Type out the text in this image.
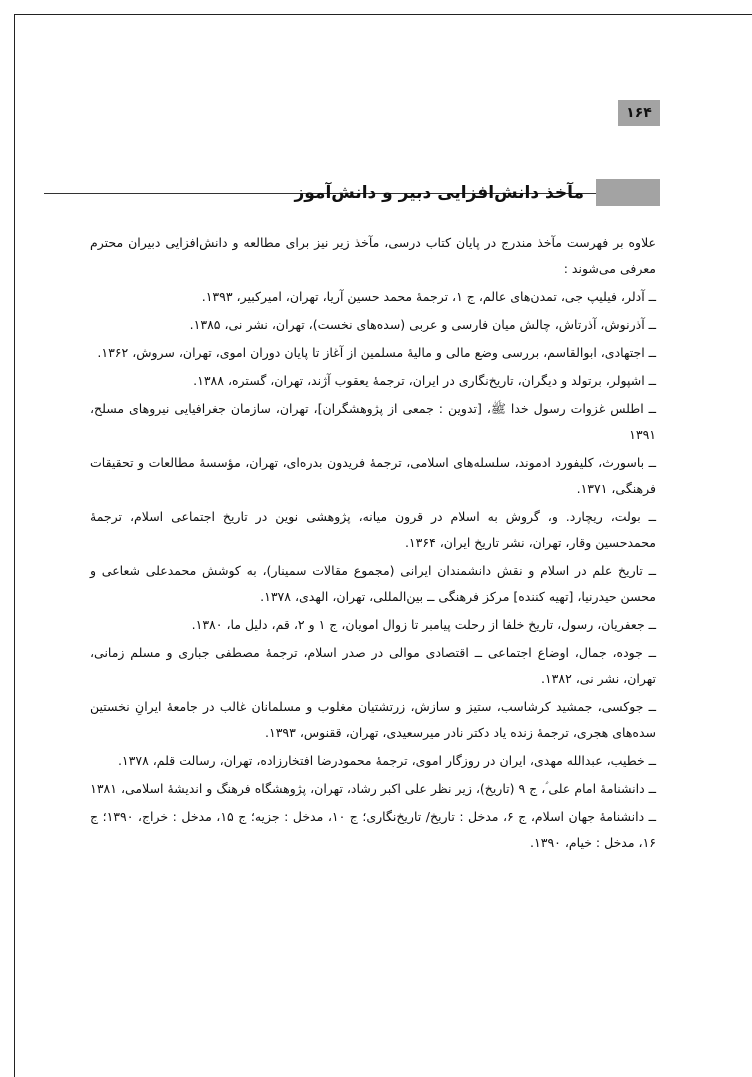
۱۶۴
مآخذ دانش‌افزایی دبیر و دانش‌آموز

علاوه بر فهرست مآخذ مندرج در پایان کتاب درسی، مآخذ زیر نیز برای مطالعه و دانش‌افزایی دبیران محترم معرفی می‌شوند :

ــ آدلر، فیلیپ جی، تمدن‌های عالم، ج ۱، ترجمهٔ محمد حسین آریا، تهران، امیرکبیر، ۱۳۹۳.

ــ آذرنوش، آذرتاش، چالش میان فارسی و عربی (سده‌های نخست)، تهران، نشر نی، ۱۳۸۵.

ــ اجتهادی، ابوالقاسم، بررسی وضع مالی و مالیهٔ مسلمین از آغاز تا پایان دوران اموی، تهران، سروش، ۱۳۶۲.

ــ اشپولر، برتولد و دیگران، تاریخ‌نگاری در ایران، ترجمهٔ یعقوب آژند، تهران، گستره، ۱۳۸۸.

ــ اطلس غزوات رسول خدا ﷺ، [تدوین : جمعی از پژوهشگران]، تهران، سازمان جغرافیایی نیروهای مسلح، ۱۳۹۱

ــ باسورث، کلیفورد ادموند، سلسله‌های اسلامی، ترجمهٔ فریدون بدره‌ای، تهران، مؤسسهٔ مطالعات و تحقیقات فرهنگی، ۱۳۷۱.

ــ بولت، ریچارد. و، گروش به اسلام در قرون میانه، پژوهشی نوین در تاریخ اجتماعی اسلام، ترجمهٔ محمدحسین وقار، تهران، نشر تاریخ ایران، ۱۳۶۴.

ــ تاریخ علم در اسلام و نقش دانشمندان ایرانی (مجموع مقالات سمینار)، به کوشش محمدعلی شعاعی و محسن حیدرنیا، [تهیه کننده] مرکز فرهنگی ــ بین‌المللی، تهران، الهدی، ۱۳۷۸.

ــ جعفریان، رسول، تاریخ خلفا از رحلت پیامبر تا زوال امویان، ج ۱ و ۲، قم، دلیل ما، ۱۳۸۰.

ــ جوده، جمال، اوضاع اجتماعی ــ اقتصادی موالی در صدر اسلام، ترجمهٔ مصطفی جباری و مسلم زمانی، تهران، نشر نی، ۱۳۸۲.

ــ جوکسی، جمشید کرشاسب، ستیز و سازش، زرتشتیان مغلوب و مسلمانان غالب در جامعهٔ ایرانِ نخستین سده‌های هجری، ترجمهٔ زنده یاد دکتر نادر میرسعیدی، تهران، ققنوس، ۱۳۹۳.

ــ خطیب، عبدالله مهدی، ایران در روزگار اموی، ترجمهٔ محمودرضا افتخارزاده، تهران، رسالت قلم، ۱۳۷۸.

ــ دانشنامهٔ امام علی ؑ، ج ۹ (تاریخ)، زیر نظر علی اکبر رشاد، تهران، پژوهشگاه فرهنگ و اندیشهٔ اسلامی، ۱۳۸۱

ــ دانشنامهٔ جهان اسلام، ج ۶، مدخل : تاریخ/ تاریخ‌نگاری؛ ج ۱۰، مدخل : جزیه؛ ج ۱۵، مدخل : خراج، ۱۳۹۰؛ ج ۱۶، مدخل : خیام، ۱۳۹۰.
